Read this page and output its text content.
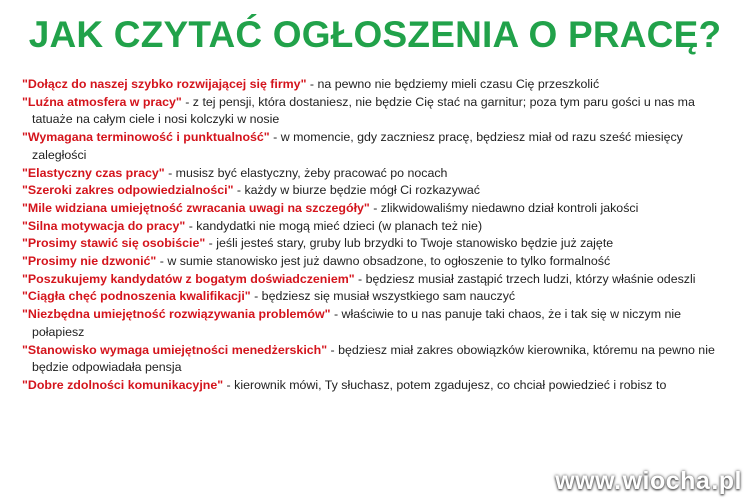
JAK CZYTAĆ OGŁOSZENIA O PRACĘ?
"Dołącz do naszej szybko rozwijającej się firmy" - na pewno nie będziemy mieli czasu Cię przeszkolić
"Luźna atmosfera w pracy" - z tej pensji, która dostaniesz, nie będzie Cię stać na garnitur; poza tym paru gości u nas ma tatuaże na całym ciele i nosi kolczyki w nosie
"Wymagana terminowość i punktualność" - w momencie, gdy zaczniesz pracę, będziesz miał od razu sześć miesięcy zaległości
"Elastyczny czas pracy" - musisz być elastyczny, żeby pracować po nocach
"Szeroki zakres odpowiedzialności" - każdy w biurze będzie mógł Ci rozkazywać
"Mile widziana umiejętność zwracania uwagi na szczegóły" - zlikwidowaliśmy niedawno dział kontroli jakości
"Silna motywacja do pracy" - kandydatki nie mogą mieć dzieci (w planach też nie)
"Prosimy stawić się osobiście" - jeśli jesteś stary, gruby lub brzydki to Twoje stanowisko będzie już zajęte
"Prosimy nie dzwonić" - w sumie stanowisko jest już dawno obsadzone, to ogłoszenie to tylko formalność
"Poszukujemy kandydatów z bogatym doświadczeniem" - będziesz musiał zastąpić trzech ludzi, którzy właśnie odeszli
"Ciągła chęć podnoszenia kwalifikacji" - będziesz się musiał wszystkiego sam nauczyć
"Niezbędna umiejętność rozwiązywania problemów" - właściwie to u nas panuje taki chaos, że i tak się w niczym nie połapiesz
"Stanowisko wymaga umiejętności menedżerskich" - będziesz miał zakres obowiązków kierownika, któremu na pewno nie będzie odpowiadała pensja
"Dobre zdolności komunikacyjne" - kierownik mówi, Ty słuchasz, potem zgadujesz, co chciał powiedzieć i robisz to
www. wiocha .pl
